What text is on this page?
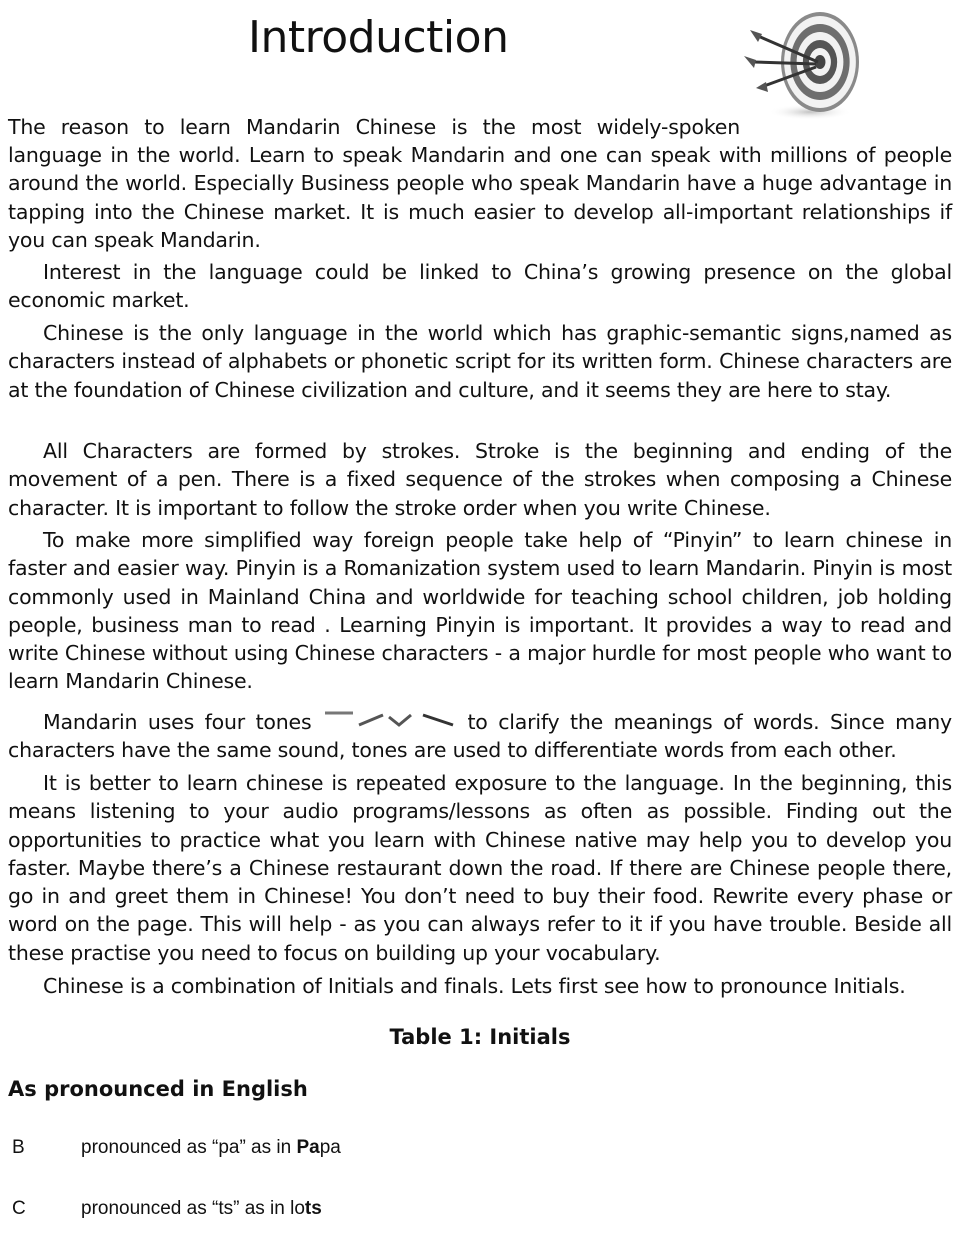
Introduction

The reason to learn Mandarin Chinese is the most widely-spoken

language in the world. Learn to speak Mandarin and one can speak with millions of people around the world. Especially Business people who speak Mandarin have a huge advantage in tapping into the Chinese market. It is much easier to develop all-important relationships if you can speak Mandarin.

Interest in the language could be linked to China’s growing presence on the global economic market.

Chinese is the only language in the world which has graphic-semantic signs,named as characters instead of alphabets or phonetic script for its written form. Chinese characters are at the foundation of Chinese civilization and culture, and it seems they are here to stay.

All Characters are formed by strokes. Stroke is the beginning and ending of the movement of a pen. There is a fixed sequence of the strokes when composing a Chinese character. It is important to follow the stroke order when you write Chinese.

To make more simplified way foreign people take help of “Pinyin” to learn chinese in faster and easier way. Pinyin is a Romanization system used to learn Mandarin. Pinyin is most commonly used in Mainland China and worldwide for teaching school children, job holding people, business man to read . Learning Pinyin is important. It provides a way to read and write Chinese without using Chinese characters - a major hurdle for most people who want to learn Mandarin Chinese.

Mandarin uses four tones	to clarify the meanings of words. Since many characters have the same sound, tones are used to differentiate words from each other.

It is better to learn chinese is repeated exposure to the language. In the beginning, this means listening to your audio programs/lessons as often as possible. Finding out the opportunities to practice what you learn with Chinese native may help you to develop you faster. Maybe there’s a Chinese restaurant down the road. If there are Chinese people there, go in and greet them in Chinese! You don’t need to buy their food. Rewrite every phase or word on the page. This will help - as you can always refer to it if you have trouble. Beside all these practise you need to focus on building up your vocabulary.

Chinese is a combination of Initials and finals. Lets first see how to pronounce Initials.

Table 1: Initials

As pronounced in English

B	pronounced as “pa” as in Papa
C	pronounced as “ts” as in lots
